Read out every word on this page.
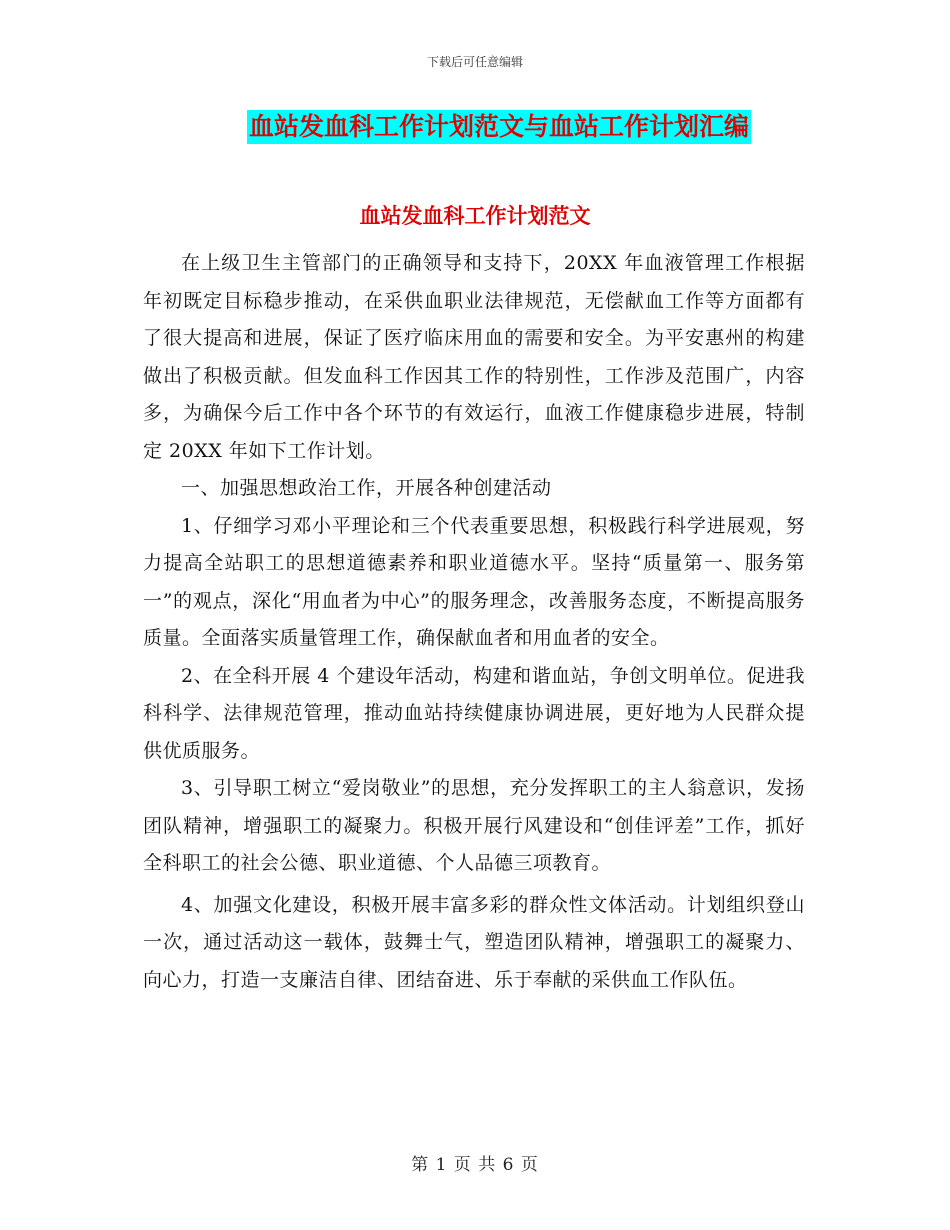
下载后可任意编辑
血站发血科工作计划范文与血站工作计划汇编
血站发血科工作计划范文

在上级卫生主管部门的正确领导和支持下，20XX 年血液管理工作根据年初既定目标稳步推动，在采供血职业法律规范，无偿献血工作等方面都有了很大提高和进展，保证了医疗临床用血的需要和安全。为平安惠州的构建做出了积极贡献。但发血科工作因其工作的特别性，工作涉及范围广，内容多，为确保今后工作中各个环节的有效运行，血液工作健康稳步进展，特制定 20XX 年如下工作计划。

一、加强思想政治工作，开展各种创建活动

1、仔细学习邓小平理论和三个代表重要思想，积极践行科学进展观，努力提高全站职工的思想道德素养和职业道德水平。坚持“质量第一、服务第一”的观点，深化“用血者为中心”的服务理念，改善服务态度，不断提高服务质量。全面落实质量管理工作，确保献血者和用血者的安全。

2、在全科开展 4 个建设年活动，构建和谐血站，争创文明单位。促进我科科学、法律规范管理，推动血站持续健康协调进展，更好地为人民群众提供优质服务。

3、引导职工树立“爱岗敬业”的思想，充分发挥职工的主人翁意识，发扬团队精神，增强职工的凝聚力。积极开展行风建设和“创佳评差”工作，抓好全科职工的社会公德、职业道德、个人品德三项教育。

4、加强文化建设，积极开展丰富多彩的群众性文体活动。计划组织登山一次，通过活动这一载体，鼓舞士气，塑造团队精神，增强职工的凝聚力、向心力，打造一支廉洁自律、团结奋进、乐于奉献的采供血工作队伍。

第 1 页 共 6 页
